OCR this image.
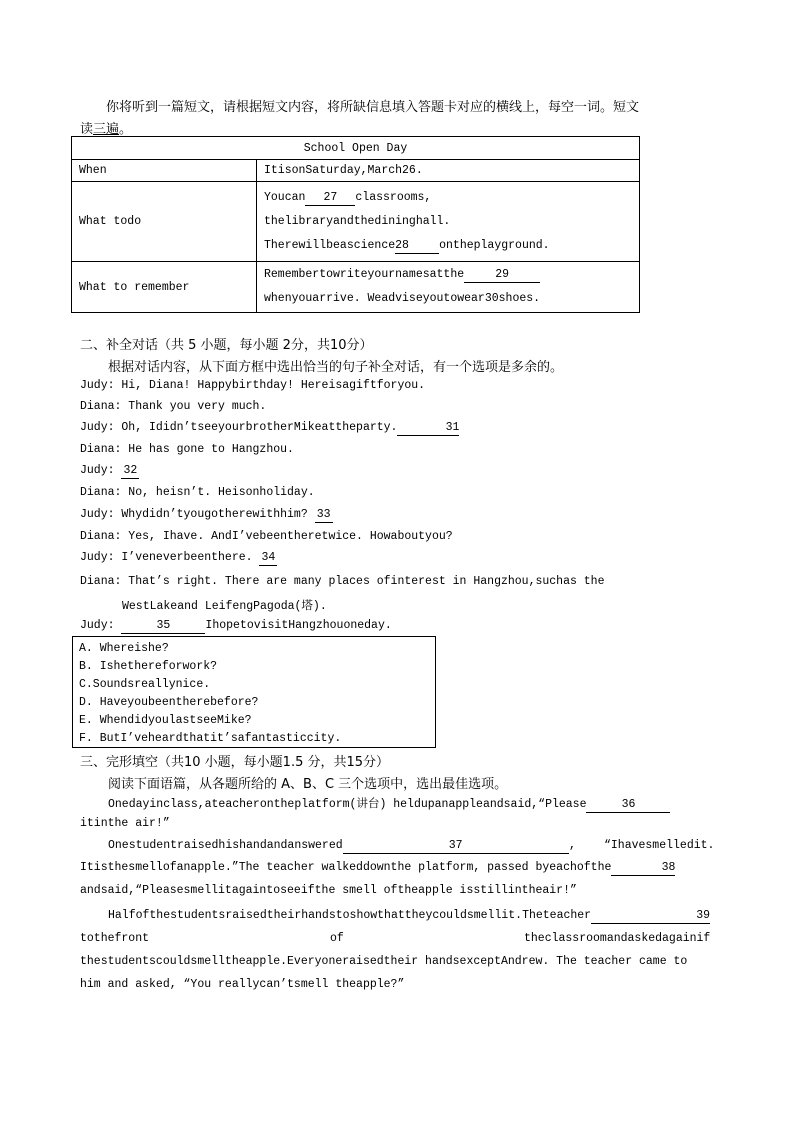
你将听到一篇短文，请根据短文内容，将所缺信息填入答题卡对应的横线上，每空一词。短文
读三遍。
School Open Day	
When	ItisonSaturday,March26.
What todo	Youcan 27 classrooms,
thelibraryandthedininghall.
Therewillbeascience28 ontheplayground.

What to remember	Remembertowriteyournamesatthe 29
whenyouarrive. Weadviseyoutowear30shoes.
二、补全对话（共 5 小题，每小题 2分，共10分）
根据对话内容，从下面方框中选出恰当的句子补全对话，有一个选项是多余的。
Judy: Hi, Diana! Happybirthday! Hereisagiftforyou.
Diana: Thank you very much.
Judy: Oh, Ididn’tseeyourbrotherMikeattheparty.	31
Diana: He has gone to Hangzhou.
Judy: 32
Diana: No, heisn’t. Heisonholiday.
Judy: Whydidn’tyougotherewithhim? 33
Diana: Yes, Ihave. AndI’vebeentheretwice. Howaboutyou?
Judy: I’veneverbeenthere. 34
Diana: That’s right. There are many places ofinterest in Hangzhou,suchas the
WestLakeand LeifengPagoda(塔).
Judy:	35	IhopetovisitHangzhouoneday.
A. Whereishe?
B. Ishethereforwork?
C.Soundsreallynice.
D. Haveyoubeentherebefore?
E. WhendidyoulastseeMike?
F. ButI’veheardthatit’safantasticcity.
三、完形填空（共10 小题，每小题1.5 分，共15分）
阅读下面语篇，从各题所给的 A、B、C 三个选项中，选出最佳选项。
Onedayinclass,ateacherontheplatform(讲台) heldupanappleandsaid,“Please	36
itinthe air!”
Onestudentraisedhishandandanswered	37	, “Ihavesmelledit.
Itisthesmellofanapple.”The teacher walkeddownthe platform, passed byeachofthe	38
andsaid,“Pleasesmellitagaintoseeifthe smell oftheapple isstillintheair!”
Halfofthestudentsraisedtheirhandstoshowthattheycouldsmellit.Theteacher	39
tothefront	of	theclassroomandaskedagainif
thestudentscouldsmelltheapple.Everyoneraisedtheir handsexceptAndrew. The teacher came to
him and asked, “You reallycan’tsmell theapple?”
